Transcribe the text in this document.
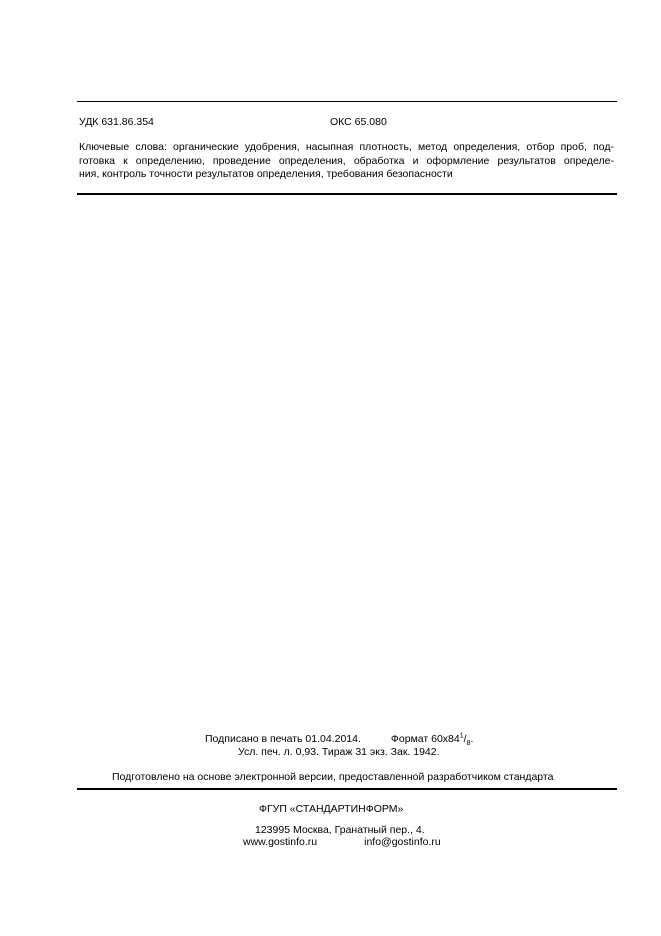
УДК 631.86.354	ОКС 65.080
Ключевые слова: органические удобрения, насыпная плотность, метод определения, отбор проб, под-
готовка к определению, проведение определения, обработка и оформление результатов определе-
ния, контроль точности результатов определения, требования безопасности
Подписано в печать 01.04.2014.	Формат $60х84^1/_8$.
Усл. печ. л. 0,93. Тираж 31 экз. Зак. 1942.
Подготовлено на основе электронной версии, предоставленной разработчиком стандарта
ФГУП «СТАНДАРТИНФОРМ»
123995 Москва, Гранатный пер., 4.
www.gostinfo.ru	info@gostinfo.ru
